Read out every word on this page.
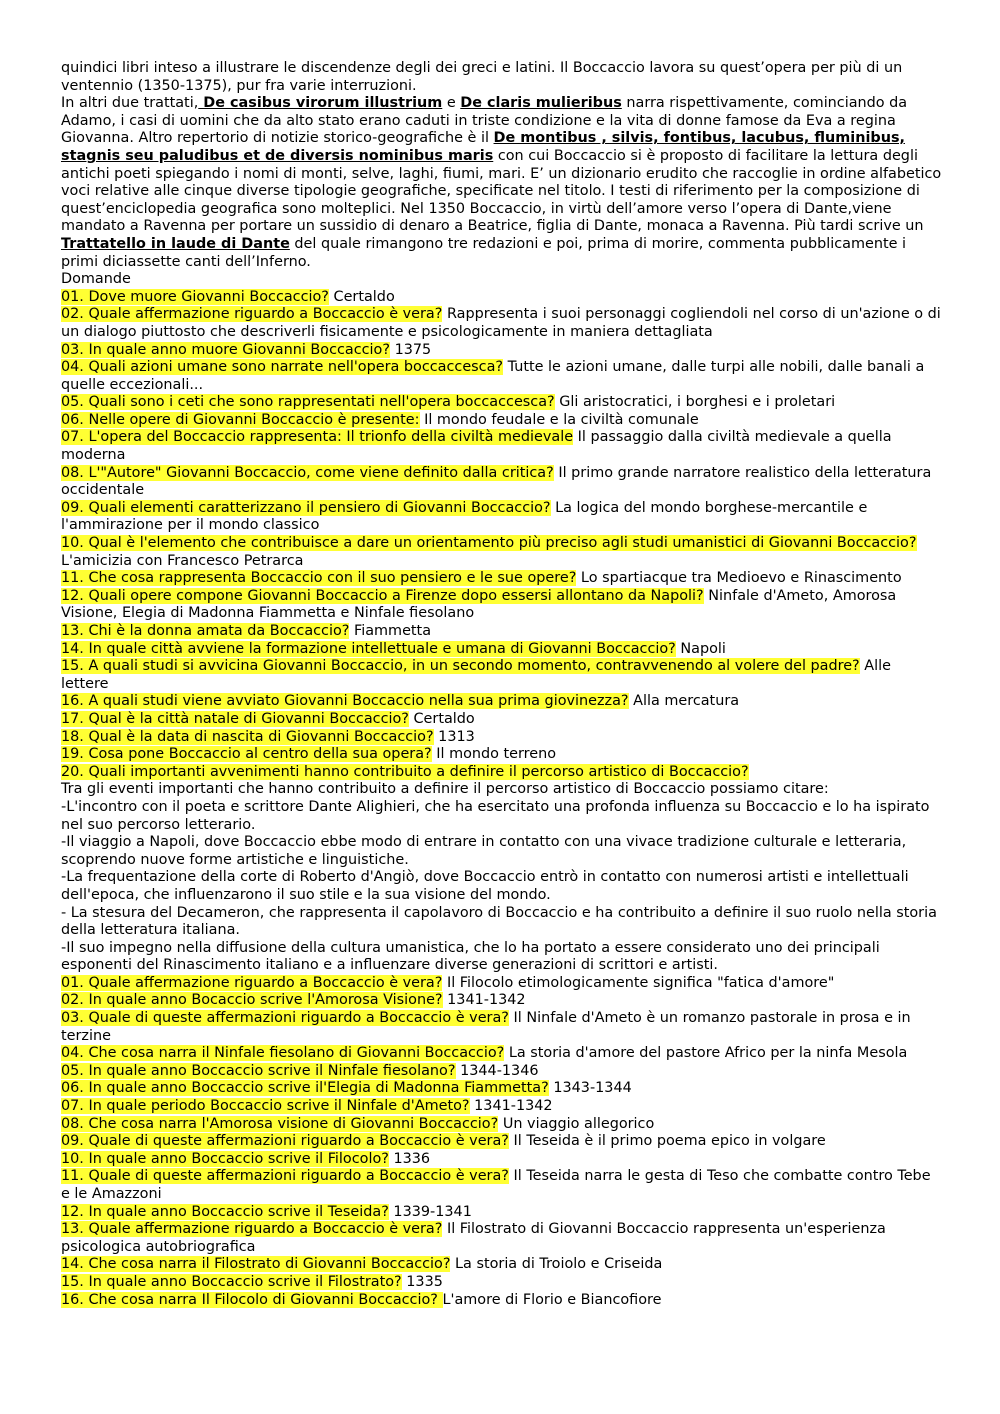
quindici libri inteso a illustrare le discendenze degli dei greci e latini. Il Boccaccio lavora su quest’opera per più di un ventennio (1350-1375), pur fra varie interruzioni.

In altri due trattati, De casibus virorum illustrium e De claris mulieribus narra rispettivamente, cominciando da Adamo, i casi di uomini che da alto stato erano caduti in triste condizione e la vita di donne famose da Eva a regina Giovanna. Altro repertorio di notizie storico-geografiche è il De montibus , silvis, fontibus, lacubus, fluminibus, stagnis seu paludibus et de diversis nominibus maris con cui Boccaccio si è proposto di facilitare la lettura degli antichi poeti spiegando i nomi di monti, selve, laghi, fiumi, mari. E’ un dizionario erudito che raccoglie in ordine alfabetico voci relative alle cinque diverse tipologie geografiche, specificate nel titolo. I testi di riferimento per la composizione di quest’enciclopedia geografica sono molteplici. Nel 1350 Boccaccio, in virtù dell’amore verso l’opera di Dante,viene mandato a Ravenna per portare un sussidio di denaro a Beatrice, figlia di Dante, monaca a Ravenna. Più tardi scrive un Trattatello in laude di Dante del quale rimangono tre redazioni e poi, prima di morire, commenta pubblicamente i primi diciassette canti dell’Inferno.

Domande

01. Dove muore Giovanni Boccaccio? Certaldo

02. Quale affermazione riguardo a Boccaccio è vera? Rappresenta i suoi personaggi cogliendoli nel corso di un'azione o di un dialogo piuttosto che descriverli fisicamente e psicologicamente in maniera dettagliata

03. In quale anno muore Giovanni Boccaccio? 1375

04. Quali azioni umane sono narrate nell'opera boccaccesca? Tutte le azioni umane, dalle turpi alle nobili, dalle banali a quelle eccezionali...

05. Quali sono i ceti che sono rappresentati nell'opera boccaccesca? Gli aristocratici, i borghesi e i proletari

06. Nelle opere di Giovanni Boccaccio è presente: Il mondo feudale e la civiltà comunale

07. L'opera del Boccaccio rappresenta: Il trionfo della civiltà medievale Il passaggio dalla civiltà medievale a quella moderna

08. L'"Autore" Giovanni Boccaccio, come viene definito dalla critica? Il primo grande narratore realistico della letteratura occidentale

09. Quali elementi caratterizzano il pensiero di Giovanni Boccaccio? La logica del mondo borghese-mercantile e l'ammirazione per il mondo classico

10. Qual è l'elemento che contribuisce a dare un orientamento più preciso agli studi umanistici di Giovanni Boccaccio? L'amicizia con Francesco Petrarca

11. Che cosa rappresenta Boccaccio con il suo pensiero e le sue opere? Lo spartiacque tra Medioevo e Rinascimento

12. Quali opere compone Giovanni Boccaccio a Firenze dopo essersi allontano da Napoli? Ninfale d'Ameto, Amorosa Visione, Elegia di Madonna Fiammetta e Ninfale fiesolano

13. Chi è la donna amata da Boccaccio? Fiammetta

14. In quale città avviene la formazione intellettuale e umana di Giovanni Boccaccio? Napoli

15. A quali studi si avvicina Giovanni Boccaccio, in un secondo momento, contravvenendo al volere del padre? Alle lettere

16. A quali studi viene avviato Giovanni Boccaccio nella sua prima giovinezza? Alla mercatura

17. Qual è la città natale di Giovanni Boccaccio? Certaldo

18. Qual è la data di nascita di Giovanni Boccaccio? 1313

19. Cosa pone Boccaccio al centro della sua opera? Il mondo terreno

20. Quali importanti avvenimenti hanno contribuito a definire il percorso artistico di Boccaccio?

Tra gli eventi importanti che hanno contribuito a definire il percorso artistico di Boccaccio possiamo citare:

-L'incontro con il poeta e scrittore Dante Alighieri, che ha esercitato una profonda influenza su Boccaccio e lo ha ispirato nel suo percorso letterario.

-Il viaggio a Napoli, dove Boccaccio ebbe modo di entrare in contatto con una vivace tradizione culturale e letteraria, scoprendo nuove forme artistiche e linguistiche.

-La frequentazione della corte di Roberto d'Angiò, dove Boccaccio entrò in contatto con numerosi artisti e intellettuali dell'epoca, che influenzarono il suo stile e la sua visione del mondo.

- La stesura del Decameron, che rappresenta il capolavoro di Boccaccio e ha contribuito a definire il suo ruolo nella storia della letteratura italiana.

-Il suo impegno nella diffusione della cultura umanistica, che lo ha portato a essere considerato uno dei principali esponenti del Rinascimento italiano e a influenzare diverse generazioni di scrittori e artisti.

01. Quale affermazione riguardo a Boccaccio è vera? Il Filocolo etimologicamente significa "fatica d'amore"

02. In quale anno Bocaccio scrive l'Amorosa Visione? 1341-1342

03. Quale di queste affermazioni riguardo a Boccaccio è vera? Il Ninfale d'Ameto è un romanzo pastorale in prosa e in terzine

04. Che cosa narra il Ninfale fiesolano di Giovanni Boccaccio? La storia d'amore del pastore Africo per la ninfa Mesola

05. In quale anno Boccaccio scrive il Ninfale fiesolano? 1344-1346

06. In quale anno Boccaccio scrive il'Elegia di Madonna Fiammetta? 1343-1344

07. In quale periodo Boccaccio scrive il Ninfale d'Ameto? 1341-1342

08. Che cosa narra l'Amorosa visione di Giovanni Boccaccio? Un viaggio allegorico

09. Quale di queste affermazioni riguardo a Boccaccio è vera? Il Teseida è il primo poema epico in volgare

10. In quale anno Boccaccio scrive il Filocolo? 1336

11. Quale di queste affermazioni riguardo a Boccaccio è vera? Il Teseida narra le gesta di Teso che combatte contro Tebe e le Amazzoni

12. In quale anno Boccaccio scrive il Teseida? 1339-1341

13. Quale affermazione riguardo a Boccaccio è vera? Il Filostrato di Giovanni Boccaccio rappresenta un'esperienza psicologica autobriografica

14. Che cosa narra il Filostrato di Giovanni Boccaccio? La storia di Troiolo e Criseida

15. In quale anno Boccaccio scrive il Filostrato? 1335

16. Che cosa narra Il Filocolo di Giovanni Boccaccio? L'amore di Florio e Biancofiore
